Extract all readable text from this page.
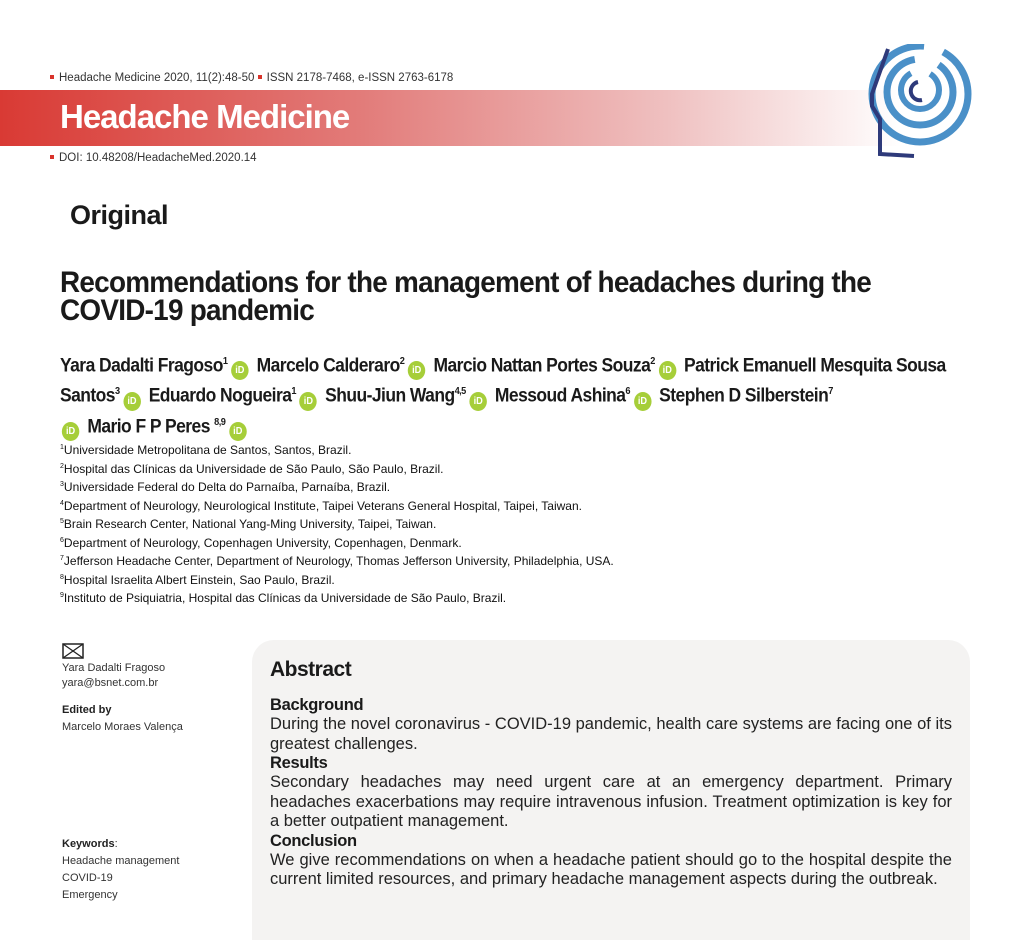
Headache Medicine 2020, 11(2):48-50 ISSN 2178-7468, e-ISSN 2763-6178
Headache Medicine
DOI: 10.48208/HeadacheMed.2020.14
Original
Recommendations for the management of headaches during the COVID-19 pandemic
Yara Dadalti Fragoso$^1$iD Marcelo Calderaro$^2$iD Marcio Nattan Portes Souza$^2$iD Patrick Emanuell Mesquita Sousa Santos$^3$iD Eduardo Nogueira$^1$iD Shuu-Jiun Wang$^{4,5}$iD Messoud Ashina$^6$iD Stephen D Silberstein$^7$
iD Mario F P Peres $^{8,9}$iD
$^1$Universidade Metropolitana de Santos, Santos, Brazil.
$^2$Hospital das Clínicas da Universidade de São Paulo, São Paulo, Brazil.
$^3$Universidade Federal do Delta do Parnaíba, Parnaíba, Brazil.
$^4$Department of Neurology, Neurological Institute, Taipei Veterans General Hospital, Taipei, Taiwan.
$^5$Brain Research Center, National Yang-Ming University, Taipei, Taiwan.
$^6$Department of Neurology, Copenhagen University, Copenhagen, Denmark.
$^7$Jefferson Headache Center, Department of Neurology, Thomas Jefferson University, Philadelphia, USA.
$^8$Hospital Israelita Albert Einstein, Sao Paulo, Brazil.
$^9$Instituto de Psiquiatria, Hospital das Clínicas da Universidade de São Paulo, Brazil.
Yara Dadalti Fragoso
yara@bsnet.com.br
Edited by
Marcelo Moraes Valença
Keywords:
Headache management
COVID-19
Emergency
Abstract
Background

During the novel coronavirus - COVID-19 pandemic, health care systems are facing one of its greatest challenges.

Results

Secondary headaches may need urgent care at an emergency department. Primary headaches exacerbations may require intravenous infusion. Treatment optimization is key for a better outpatient management.

Conclusion

We give recommendations on when a headache patient should go to the hospital despite the current limited resources, and primary headache management aspects during the outbreak.
